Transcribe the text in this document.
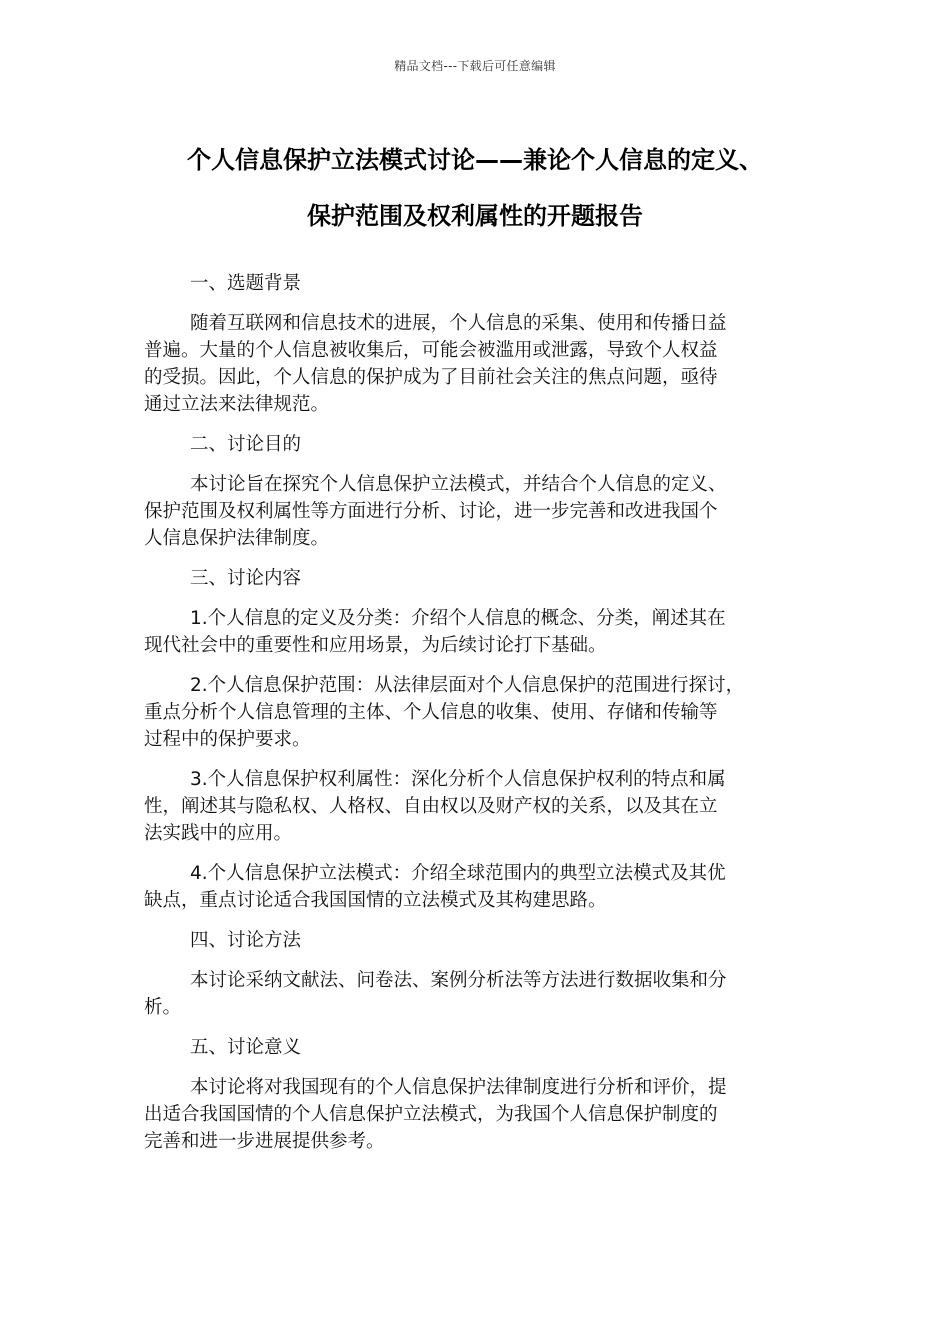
精品文档---下载后可任意编辑
个人信息保护立法模式讨论——兼论个人信息的定义、
保护范围及权利属性的开题报告
一、选题背景
随着互联网和信息技术的进展，个人信息的采集、使用和传播日益
普遍。大量的个人信息被收集后，可能会被滥用或泄露，导致个人权益
的受损。因此，个人信息的保护成为了目前社会关注的焦点问题，亟待
通过立法来法律规范。
二、讨论目的
本讨论旨在探究个人信息保护立法模式，并结合个人信息的定义、
保护范围及权利属性等方面进行分析、讨论，进一步完善和改进我国个
人信息保护法律制度。
三、讨论内容
1.个人信息的定义及分类：介绍个人信息的概念、分类，阐述其在
现代社会中的重要性和应用场景，为后续讨论打下基础。
2.个人信息保护范围：从法律层面对个人信息保护的范围进行探讨，
重点分析个人信息管理的主体、个人信息的收集、使用、存储和传输等
过程中的保护要求。
3.个人信息保护权利属性：深化分析个人信息保护权利的特点和属
性，阐述其与隐私权、人格权、自由权以及财产权的关系，以及其在立
法实践中的应用。
4.个人信息保护立法模式：介绍全球范围内的典型立法模式及其优
缺点，重点讨论适合我国国情的立法模式及其构建思路。
四、讨论方法
本讨论采纳文献法、问卷法、案例分析法等方法进行数据收集和分
析。
五、讨论意义
本讨论将对我国现有的个人信息保护法律制度进行分析和评价，提
出适合我国国情的个人信息保护立法模式，为我国个人信息保护制度的
完善和进一步进展提供参考。
